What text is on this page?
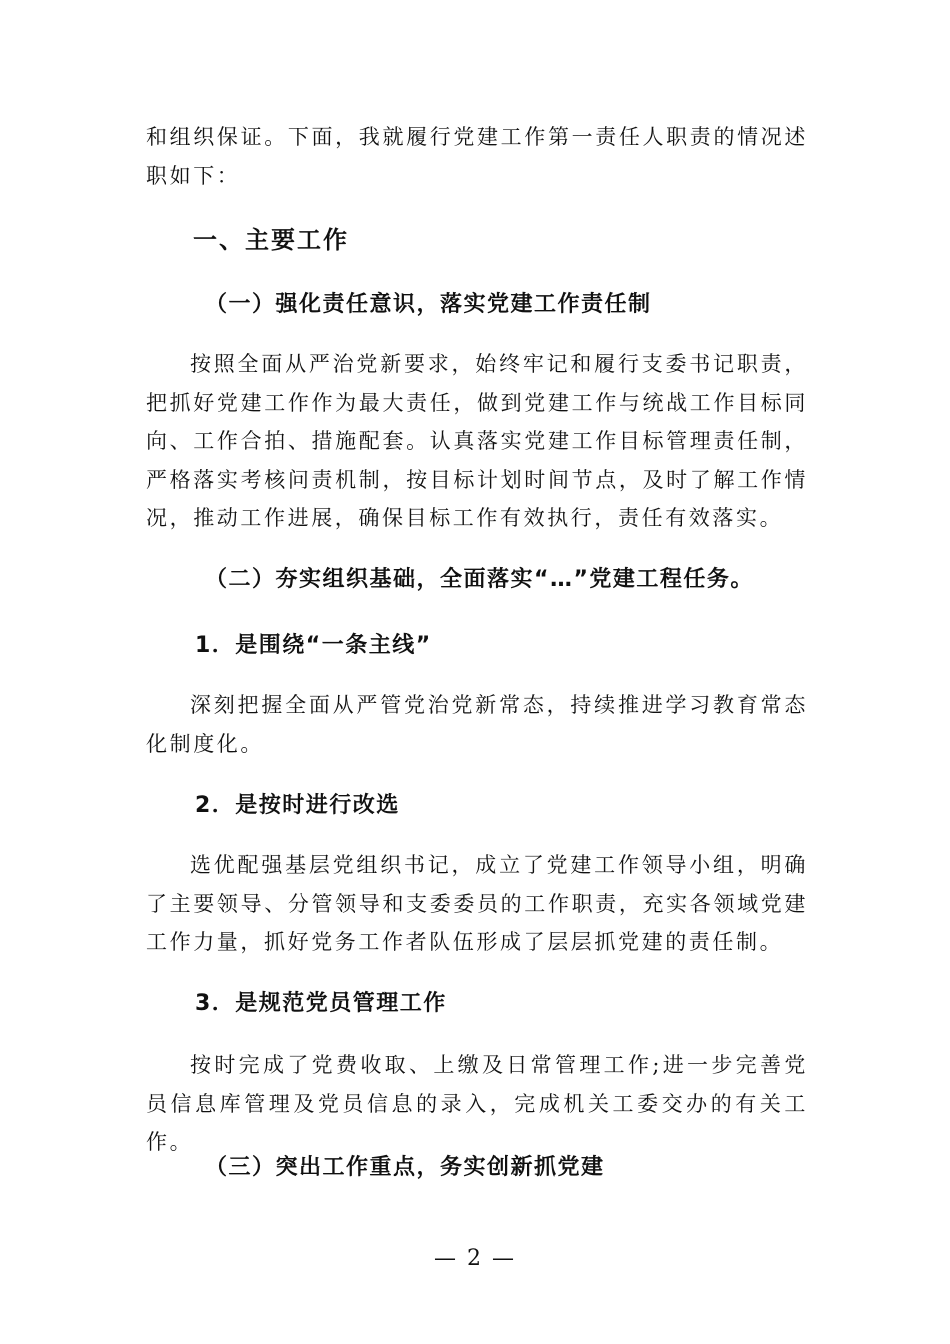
和组织保证。下面，我就履行党建工作第一责任人职责的情况述职如下：

一、主要工作
（一）强化责任意识，落实党建工作责任制

按照全面从严治党新要求，始终牢记和履行支委书记职责，把抓好党建工作作为最大责任，做到党建工作与统战工作目标同向、工作合拍、措施配套。认真落实党建工作目标管理责任制，严格落实考核问责机制，按目标计划时间节点，及时了解工作情况，推动工作进展，确保目标工作有效执行，责任有效落实。

（二）夯实组织基础，全面落实“…”党建工程任务。
1．是围绕“一条主线”

深刻把握全面从严管党治党新常态，持续推进学习教育常态化制度化。

2．是按时进行改选

选优配强基层党组织书记，成立了党建工作领导小组，明确了主要领导、分管领导和支委委员的工作职责，充实各领域党建工作力量，抓好党务工作者队伍形成了层层抓党建的责任制。

3．是规范党员管理工作

按时完成了党费收取、上缴及日常管理工作;进一步完善党员信息库管理及党员信息的录入，完成机关工委交办的有关工作。

（三）突出工作重点，务实创新抓党建
— 2 —
